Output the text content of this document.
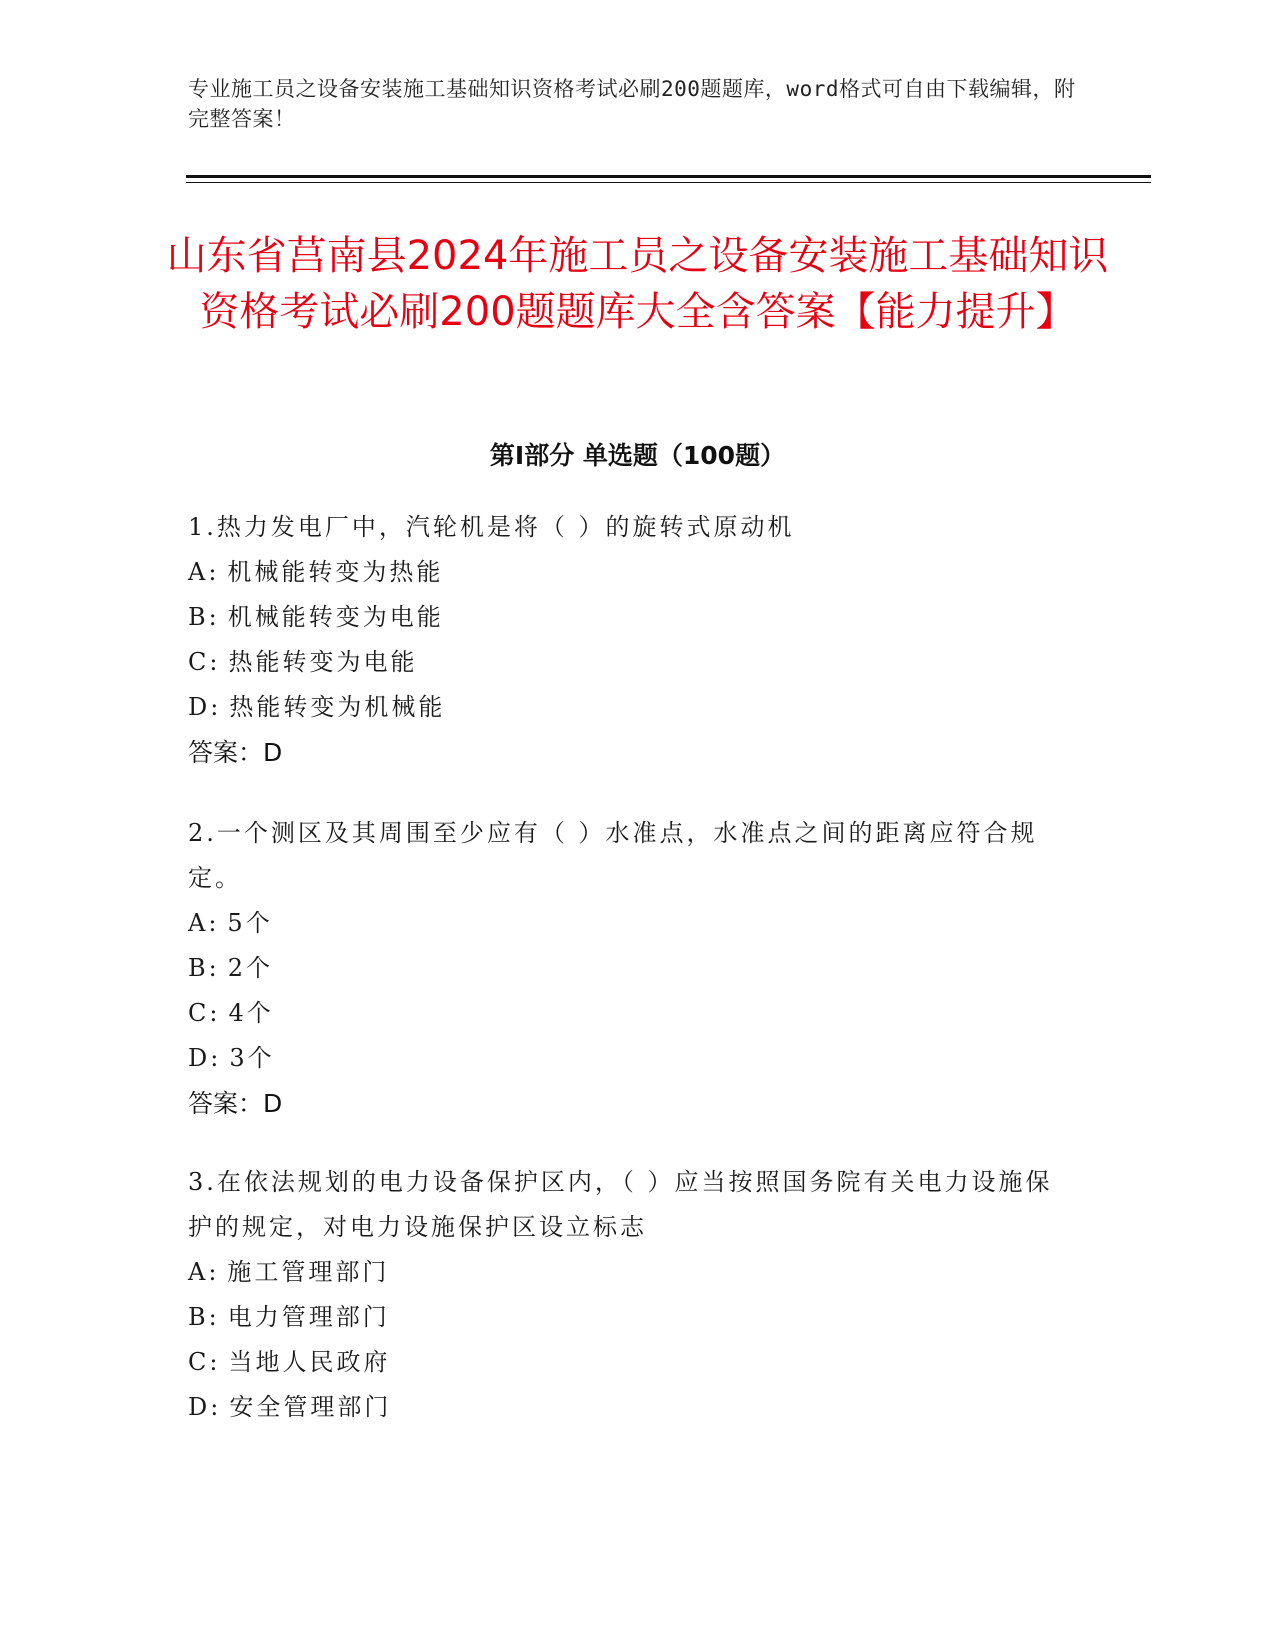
专业施工员之设备安装施工基础知识资格考试必刷200题题库，word格式可自由下载编辑，附完整答案！
山东省莒南县2024年施工员之设备安装施工基础知识资格考试必刷200题题库大全含答案【能力提升】
第Ⅰ部分 单选题（100题）
1.热力发电厂中，汽轮机是将（ ）的旋转式原动机
A: 机械能转变为热能
B: 机械能转变为电能
C: 热能转变为电能
D: 热能转变为机械能
答案：D
2.一个测区及其周围至少应有（ ）水准点，水准点之间的距离应符合规定。
A: 5个
B: 2个
C: 4个
D: 3个
答案：D
3.在依法规划的电力设备保护区内，（ ）应当按照国务院有关电力设施保护的规定，对电力设施保护区设立标志
A: 施工管理部门
B: 电力管理部门
C: 当地人民政府
D: 安全管理部门
